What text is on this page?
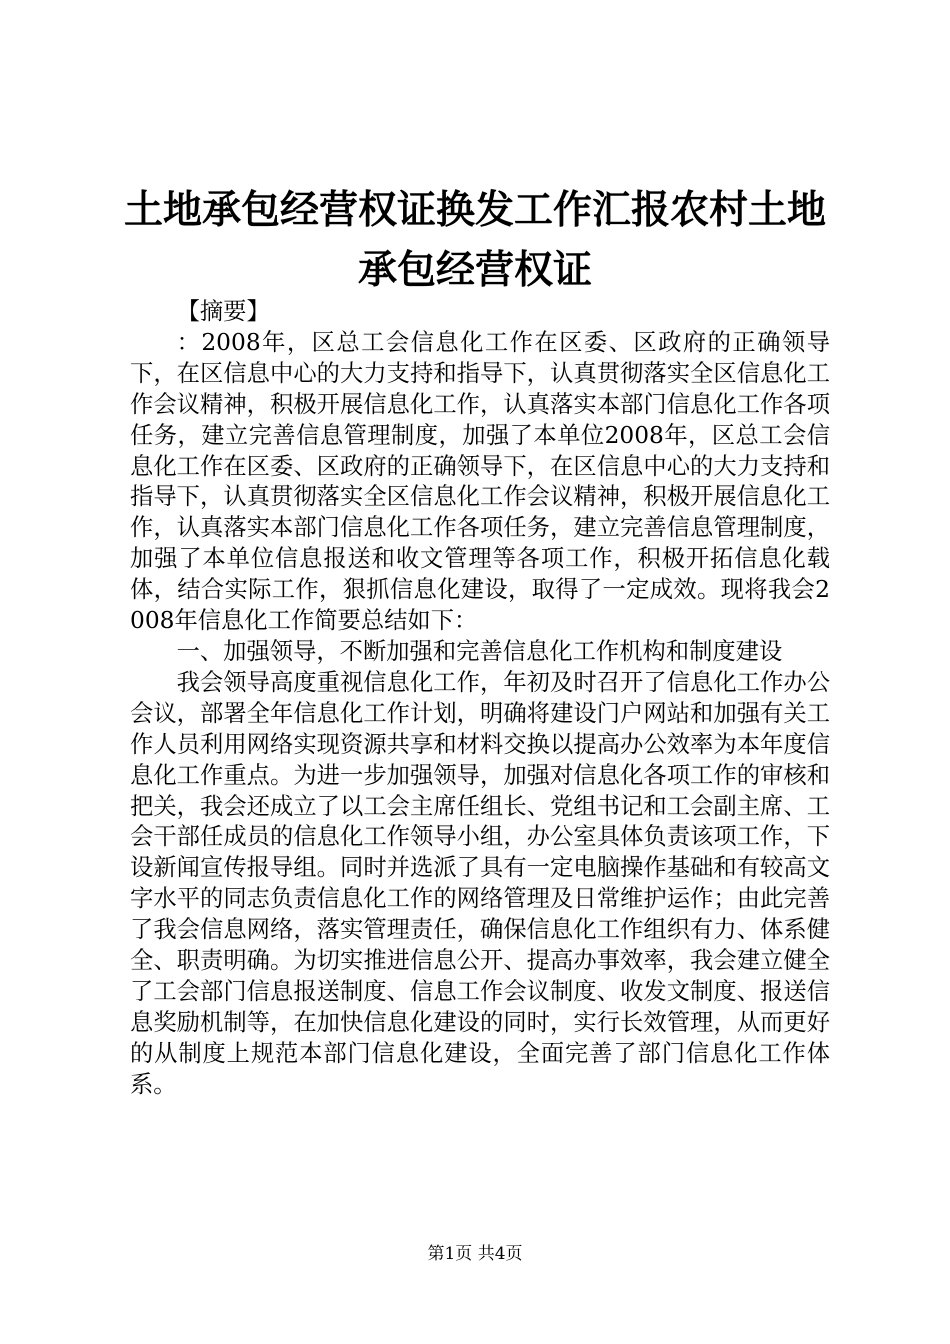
土地承包经营权证换发工作汇报农村土地承包经营权证

【摘要】

：2008年，区总工会信息化工作在区委、区政府的正确领导下，在区信息中心的大力支持和指导下，认真贯彻落实全区信息化工作会议精神，积极开展信息化工作，认真落实本部门信息化工作各项任务，建立完善信息管理制度，加强了本单位2008年，区总工会信息化工作在区委、区政府的正确领导下，在区信息中心的大力支持和指导下，认真贯彻落实全区信息化工作会议精神，积极开展信息化工作，认真落实本部门信息化工作各项任务，建立完善信息管理制度，加强了本单位信息报送和收文管理等各项工作，积极开拓信息化载体，结合实际工作，狠抓信息化建设，取得了一定成效。现将我会2008年信息化工作简要总结如下：

一、加强领导，不断加强和完善信息化工作机构和制度建设

我会领导高度重视信息化工作，年初及时召开了信息化工作办公会议，部署全年信息化工作计划，明确将建设门户网站和加强有关工作人员利用网络实现资源共享和材料交换以提高办公效率为本年度信息化工作重点。为进一步加强领导，加强对信息化各项工作的审核和把关，我会还成立了以工会主席任组长、党组书记和工会副主席、工会干部任成员的信息化工作领导小组，办公室具体负责该项工作，下设新闻宣传报导组。同时并选派了具有一定电脑操作基础和有较高文字水平的同志负责信息化工作的网络管理及日常维护运作；由此完善了我会信息网络，落实管理责任，确保信息化工作组织有力、体系健全、职责明确。为切实推进信息公开、提高办事效率，我会建立健全了工会部门信息报送制度、信息工作会议制度、收发文制度、报送信息奖励机制等，在加快信息化建设的同时，实行长效管理，从而更好的从制度上规范本部门信息化建设，全面完善了部门信息化工作体系。

第1页 共4页
